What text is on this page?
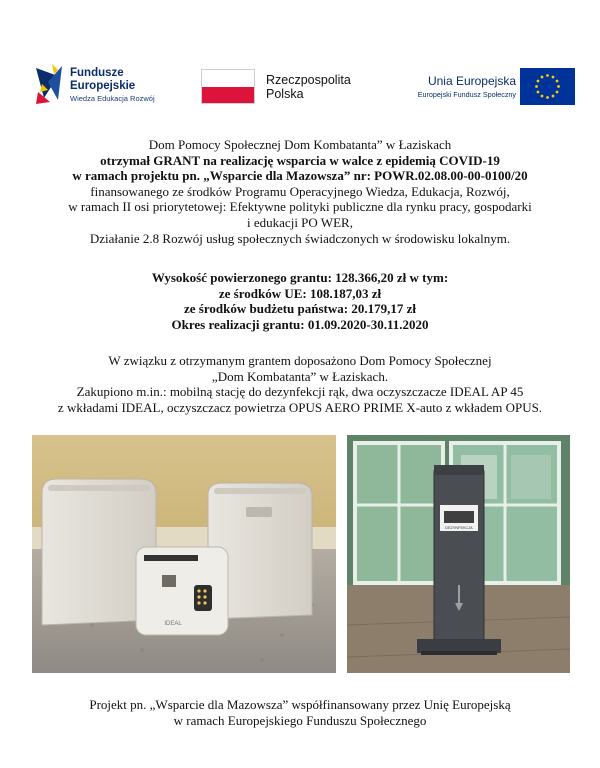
Fundusze
Europejskie
Wiedza Edukacja Rozwój
Rzeczpospolita
Polska
Unia Europejska
Europejski Fundusz Społeczny
Dom Pomocy Społecznej Dom Kombatanta” w Łaziskach
otrzymał GRANT na realizację wsparcia w walce z epidemią COVID-19
w ramach projektu pn. „Wsparcie dla Mazowsza” nr: POWR.02.08.00-00-0100/20
finansowanego ze środków Programu Operacyjnego Wiedza, Edukacja, Rozwój,
w ramach II osi priorytetowej: Efektywne polityki publiczne dla rynku pracy, gospodarki
i edukacji PO WER,
Działanie 2.8 Rozwój usług społecznych świadczonych w środowisku lokalnym.
Wysokość powierzonego grantu: 128.366,20 zł w tym:
ze środków UE: 108.187,03 zł
ze środków budżetu państwa: 20.179,17 zł
Okres realizacji grantu: 01.09.2020-30.11.2020
W związku z otrzymanym grantem doposażono Dom Pomocy Społecznej
„Dom Kombatanta” w Łaziskach.
Zakupiono m.in.: mobilną stację do dezynfekcji rąk, dwa oczyszczacze IDEAL AP 45
z wkładami IDEAL, oczyszczacz powietrza OPUS AERO PRIME X-auto z wkładem OPUS.
IDEAL
DEZYNFEKCJA
Projekt pn. „Wsparcie dla Mazowsza” współfinansowany przez Unię Europejską
w ramach Europejskiego Funduszu Społecznego
